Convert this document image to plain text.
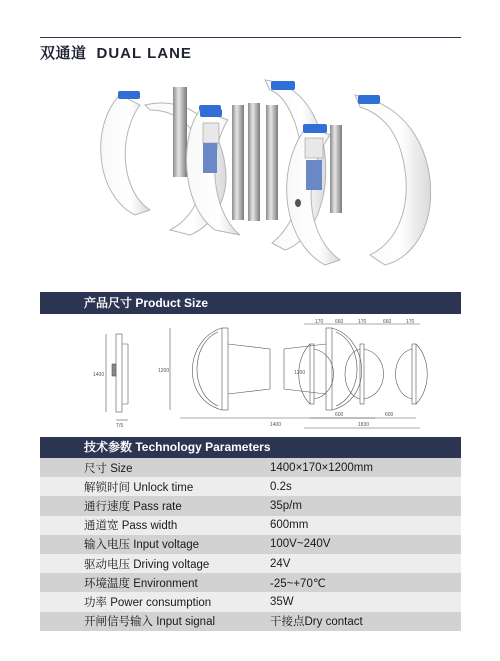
双通道 DUAL LANE
产品尺寸 Product Size
1400
T/5
1200
1400
170 660	170	660	170
1200
600	600
1830
技术参数 Technology Parameters
尺寸 Size	1400×170×1200mm
解锁时间 Unlock time	0.2s
通行速度 Pass rate	35p/m
通道宽 Pass width	600mm
输入电压 Input voltage	100V~240V
驱动电压 Driving voltage	24V
环境温度 Environment	-25~+70℃
功率 Power consumption	35W
开闸信号输入 Input signal	干接点Dry contact
